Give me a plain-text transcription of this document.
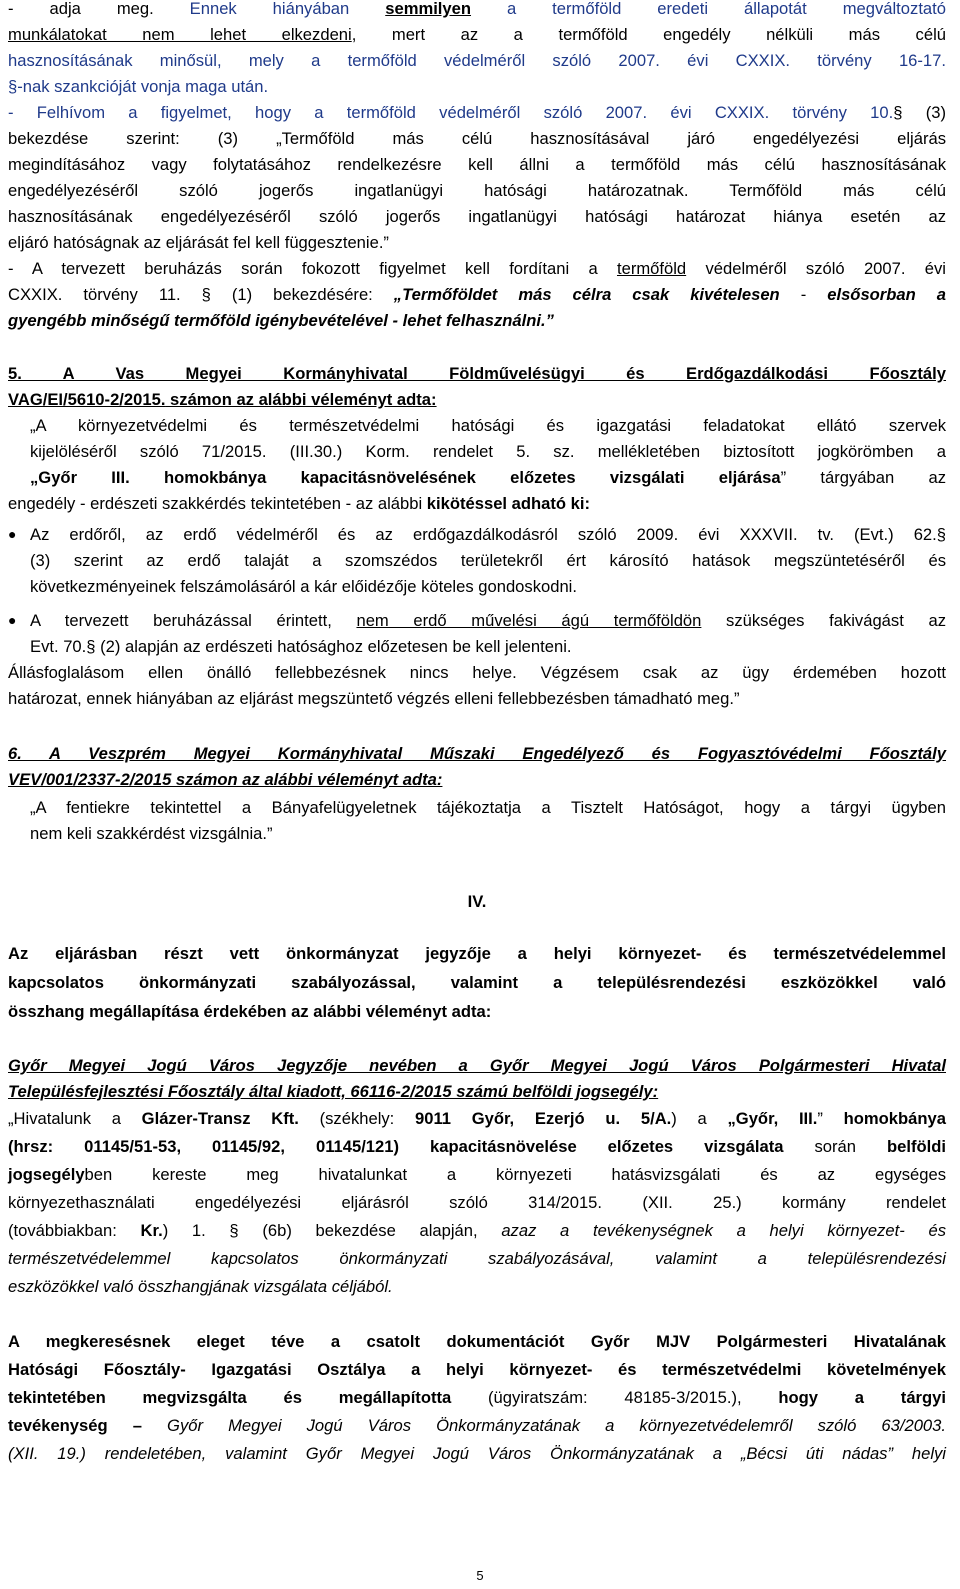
- adja meg. Ennek hiányában semmilyen a termőföld eredeti állapotát megváltoztató
munkálatokat nem lehet elkezdeni, mert az a termőföld engedély nélküli más célú
hasznosításának minősül, mely a termőföld védelméről szóló 2007. évi CXXIX. törvény 16-17.
§-nak szankcióját vonja maga után.
- Felhívom a figyelmet, hogy a termőföld védelméről szóló 2007. évi CXXIX. törvény 10.§ (3)
bekezdése szerint: (3) „Termőföld más célú hasznosításával járó engedélyezési eljárás
megindításához vagy folytatásához rendelkezésre kell állni a termőföld más célú hasznosításának
engedélyezéséről szóló jogerős ingatlanügyi hatósági határozatnak. Termőföld más célú
hasznosításának engedélyezéséről szóló jogerős ingatlanügyi hatósági határozat hiánya esetén az
eljáró hatóságnak az eljárását fel kell függesztenie.”
- A tervezett beruházás során fokozott figyelmet kell fordítani a termőföld védelméről szóló 2007. évi
CXXIX. törvény 11. § (1) bekezdésére: „Termőföldet más célra csak kivételesen - elsősorban a
gyengébb minőségű termőföld igénybevételével - lehet felhasználni.”
5. A Vas Megyei Kormányhivatal Földművelésügyi és Erdőgazdálkodási Főosztály
VAG/EI/5610-2/2015. számon az alábbi véleményt adta:
„A környezetvédelmi és természetvédelmi hatósági és igazgatási feladatokat ellátó szervek
kijelöléséről szóló 71/2015. (III.30.) Korm. rendelet 5. sz. mellékletében biztosított jogkörömben a
„Győr III. homokbánya kapacitásnövelésének előzetes vizsgálati eljárása” tárgyában az
engedély - erdészeti szakkérdés tekintetében - az alábbi kikötéssel adható ki:
● Az erdőről, az erdő védelméről és az erdőgazdálkodásról szóló 2009. évi XXXVII. tv. (Evt.) 62.§
(3) szerint az erdő talaját a szomszédos területekről ért károsító hatások megszüntetéséről és
következményeinek felszámolásáról a kár előidézője köteles gondoskodni.
● A tervezett beruházással érintett, nem erdő művelési ágú termőföldön szükséges fakivágást az
Evt. 70.§ (2) alapján az erdészeti hatósághoz előzetesen be kell jelenteni.
Állásfoglalásom ellen önálló fellebbezésnek nincs helye. Végzésem csak az ügy érdemében hozott
határozat, ennek hiányában az eljárást megszüntető végzés elleni fellebbezésben támadható meg.”
6. A Veszprém Megyei Kormányhivatal Műszaki Engedélyező és Fogyasztóvédelmi Főosztály
VEV/001/2337-2/2015 számon az alábbi véleményt adta:
„A fentiekre tekintettel a Bányafelügyeletnek tájékoztatja a Tisztelt Hatóságot, hogy a tárgyi ügyben
nem keli szakkérdést vizsgálnia.”
IV.
Az eljárásban részt vett önkormányzat jegyzője a helyi környezet- és természetvédelemmel
kapcsolatos önkormányzati szabályozással, valamint a településrendezési eszközökkel való
összhang megállapítása érdekében az alábbi véleményt adta:
Győr Megyei Jogú Város Jegyzője nevében a Győr Megyei Jogú Város Polgármesteri Hivatal
Településfejlesztési Főosztály által kiadott, 66116-2/2015 számú belföldi jogsegély:
„Hivatalunk a Glázer-Transz Kft. (székhely: 9011 Győr, Ezerjó u. 5/A.) a „Győr, III.” homokbánya
(hrsz: 01145/51-53, 01145/92, 01145/121) kapacitásnövelése előzetes vizsgálata során belföldi
jogsegélyben kereste meg hivatalunkat a környezeti hatásvizsgálati és az egységes
környezethasználati engedélyezési eljárásról szóló 314/2015. (XII. 25.) kormány rendelet
(továbbiakban: Kr.) 1. § (6b) bekezdése alapján, azaz a tevékenységnek a helyi környezet- és
természetvédelemmel kapcsolatos önkormányzati szabályozásával, valamint a településrendezési
eszközökkel való összhangjának vizsgálata céljából.
A megkeresésnek eleget téve a csatolt dokumentációt Győr MJV Polgármesteri Hivatalának
Hatósági Főosztály- Igazgatási Osztálya a helyi környezet- és természetvédelmi követelmények
tekintetében megvizsgálta és megállapította (ügyiratszám: 48185-3/2015.), hogy a tárgyi
tevékenység – Győr Megyei Jogú Város Önkormányzatának a környezetvédelemről szóló 63/2003.
(XII. 19.) rendeletében, valamint Győr Megyei Jogú Város Önkormányzatának a „Bécsi úti nádas” helyi
5
